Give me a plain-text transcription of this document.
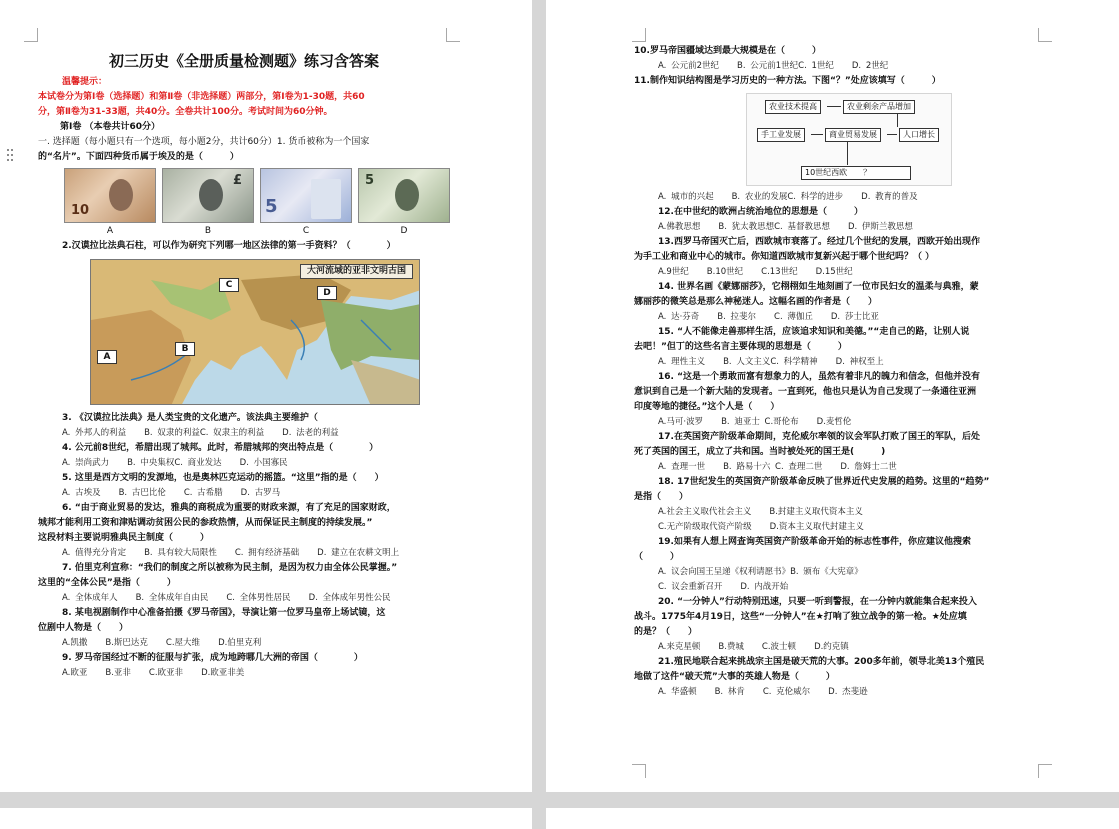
初三历史《全册质量检测题》练习含答案
温馨提示：
本试卷分为第Ⅰ卷（选择题）和第Ⅱ卷（非选择题）两部分，第Ⅰ卷为1-30题，共60
分，第Ⅱ卷为31-33题，共40分。全卷共计100分。考试时间为60分钟。
第Ⅰ卷 （本卷共计60分）
一. 选择题（每小题只有一个选项，每小题2分，共计60分）1. 货币被称为一个国家
的“名片”。下面四种货币属于埃及的是（　　　）
10
£
5
5
A	B	C	D
2.汉谟拉比法典石柱，可以作为研究下列哪一地区法律的第一手资料？（　　　　）
大河流域的亚非文明古国
A
B
C
D
3. 《汉谟拉比法典》是人类宝贵的文化遗产。该法典主要维护（
A. 外邦人的利益 B. 奴隶的利益C. 奴隶主的利益 D. 法老的利益
4. 公元前8世纪，希腊出现了城邦。此时，希腊城邦的突出特点是（　　　　）
A. 崇尚武力 B. 中央集权C. 商业发达 D. 小国寡民
5. 这里是西方文明的发源地，也是奥林匹克运动的摇篮。“这里”指的是（　　）
A. 古埃及 B. 古巴比伦 C. 古希腊 D. 古罗马
6. “由于商业贸易的发达，雅典的商税成为重要的财政来源，有了充足的国家财政，
城邦才能利用工资和津贴调动贫困公民的参政热情，从而保证民主制度的持续发展。”
这段材料主要说明雅典民主制度（　　　）
A. 值得充分肯定 B. 具有较大局限性 C. 拥有经济基础 D. 建立在农耕文明上
7. 伯里克利宣称：“我们的制度之所以被称为民主制，是因为权力由全体公民掌握。”
这里的“全体公民”是指（　　　）
A. 全体成年人 B. 全体成年自由民 C. 全体男性居民 D. 全体成年男性公民
8. 某电视剧制作中心准备拍摄《罗马帝国》，导演让第一位罗马皇帝上场试镜，这
位剧中人物是（　　）
A.凯撒 B.斯巴达克 C.屋大维 D.伯里克利
9. 罗马帝国经过不断的征服与扩张，成为地跨哪几大洲的帝国（　　　　）
A.欧亚 B.亚非 C.欧亚非 D.欧亚非美
10.罗马帝国疆域达到最大规模是在（　　　）
A. 公元前2世纪 B. 公元前1世纪C. 1世纪 D. 2世纪
11.制作知识结构图是学习历史的一种方法。下图“？”处应该填写（　　　）
农业技术提高	农业剩余产品增加
手工业发展	商业贸易发展	人口增长
10世纪西欧　　？
A. 城市的兴起 B. 农业的发展C. 科学的进步 D. 教育的普及
12.在中世纪的欧洲占统治地位的思想是（　　　）
A.佛教思想 B. 犹太教思想C. 基督教思想 D. 伊斯兰教思想
13.西罗马帝国灭亡后，西欧城市衰落了。经过几个世纪的发展，西欧开始出现作
为手工业和商业中心的城市。你知道西欧城市复新兴起于哪个世纪吗？（ ）
A.9世纪 B.10世纪 C.13世纪 D.15世纪
14. 世界名画《蒙娜丽莎》，它栩栩如生地刻画了一位市民妇女的温柔与典雅，蒙
娜丽莎的微笑总是那么神秘迷人。这幅名画的作者是（　　）
A. 达·芬奇 B. 拉斐尔 C. 薄伽丘 D. 莎士比亚
15. “人不能像走兽那样生活，应该追求知识和美德。”“走自己的路，让别人说
去吧！”但丁的这些名言主要体现的思想是（　　　）
A. 理性主义 B. 人文主义C. 科学精神 D. 神权至上
16. “这是一个勇敢而富有想象力的人，虽然有着非凡的魄力和信念，但他并没有
意识到自己是一个新大陆的发现者。一直到死，他也只是认为自己发现了一条通往亚洲
印度等地的捷径。”这个人是（　　）
A.马可·波罗 B. 迪亚士 C.哥伦布 D.麦哲伦
17.在英国资产阶级革命期间，克伦威尔率领的议会军队打败了国王的军队，后处
死了英国的国王，成立了共和国。当时被处死的国王是(　　　)
A. 查理一世 B. 路易十六 C. 查理二世 D. 詹姆士二世
18. 17世纪发生的英国资产阶级革命反映了世界近代史发展的趋势。这里的“趋势”
是指（　　）
A.社会主义取代社会主义 B.封建主义取代资本主义
C.无产阶级取代资产阶级 D.资本主义取代封建主义
19.如果有人想上网查询英国资产阶级革命开始的标志性事件，你应建议他搜索
（　　　）
A. 议会向国王呈递《权利请愿书》B. 颁布《大宪章》
C. 议会重新召开 D. 内战开始
20. “一分钟人”行动特别迅速，只要一听到警报，在一分钟内就能集合起来投入
战斗。1775年4月19日，这些“一分钟人”在★打响了独立战争的第一枪。★处应填
的是？（　　）
A.来克星顿 B.费城 C.波士顿 D.约克镇
21.殖民地联合起来挑战宗主国是破天荒的大事。200多年前，领导北美13个殖民
地做了这件“破天荒”大事的英雄人物是（　　　）
A. 华盛顿 B. 林肯 C. 克伦威尔 D. 杰斐逊
